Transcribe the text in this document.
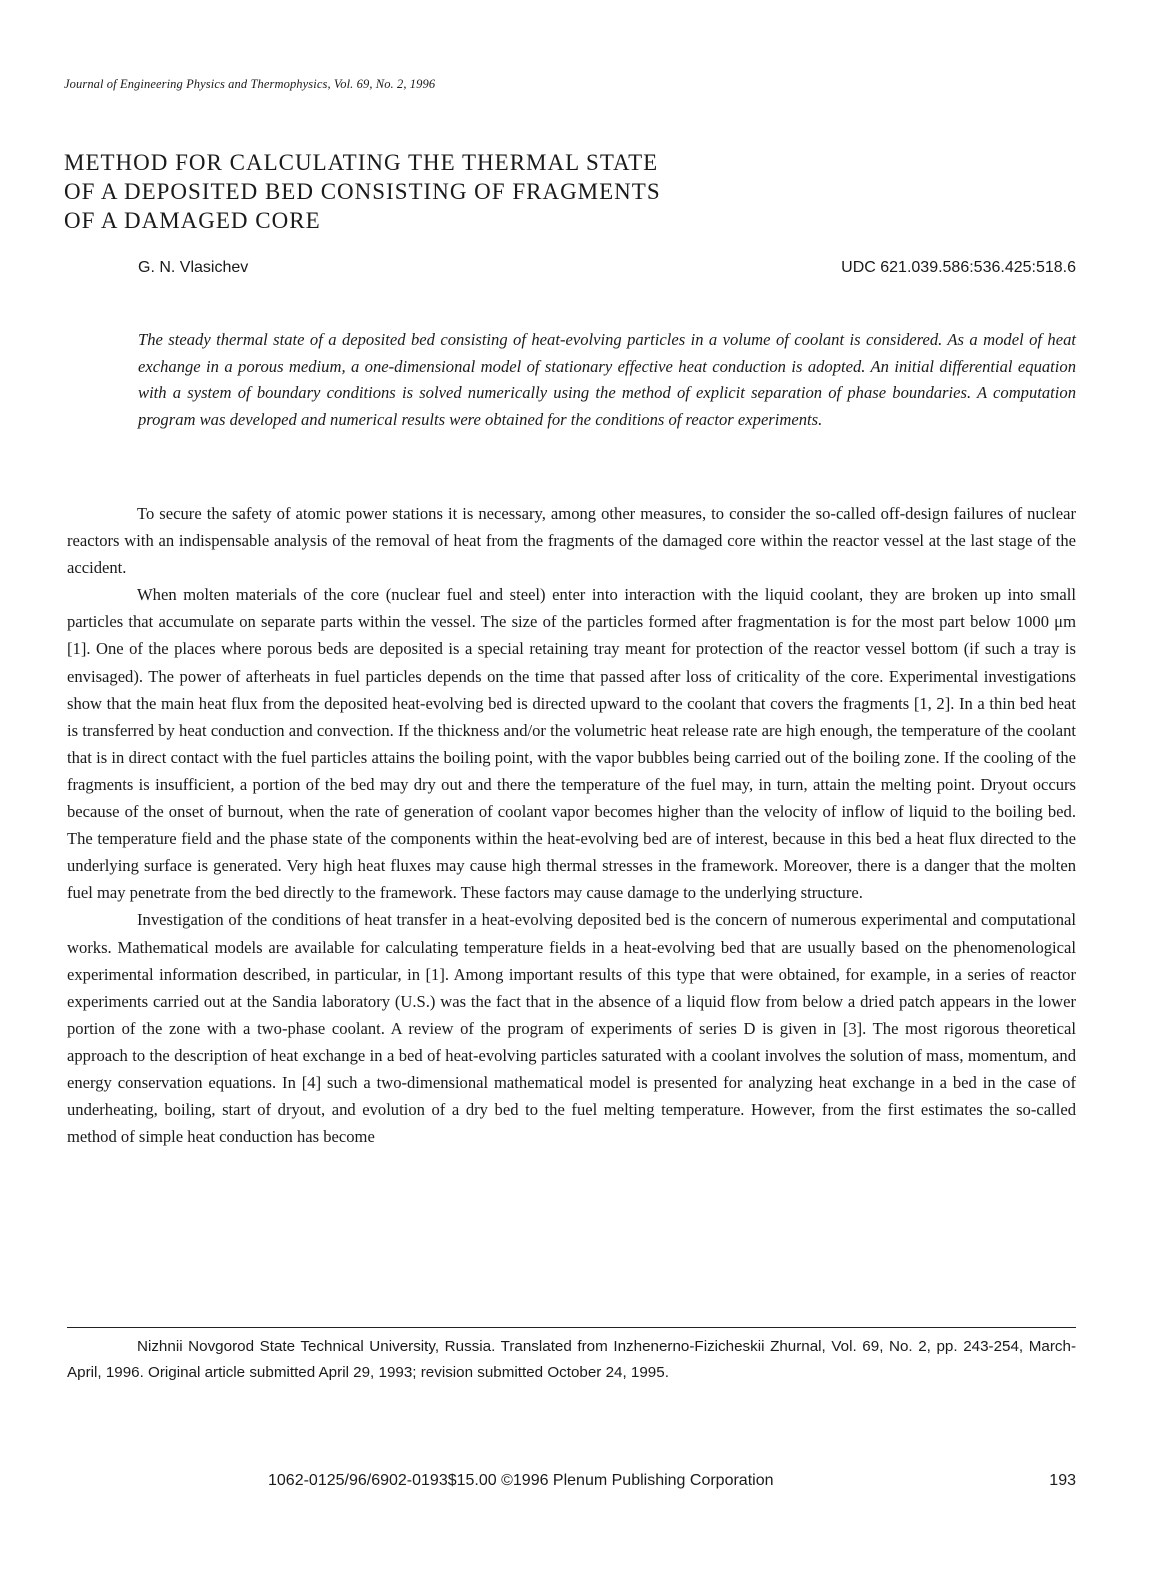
Journal of Engineering Physics and Thermophysics, Vol. 69, No. 2, 1996
METHOD FOR CALCULATING THE THERMAL STATE
OF A DEPOSITED BED CONSISTING OF FRAGMENTS
OF A DAMAGED CORE
G. N. Vlasichev	UDC 621.039.586:536.425:518.6
The steady thermal state of a deposited bed consisting of heat-evolving particles in a volume of coolant is considered. As a model of heat exchange in a porous medium, a one-dimensional model of stationary effective heat conduction is adopted. An initial differential equation with a system of boundary conditions is solved numerically using the method of explicit separation of phase boundaries. A computation program was developed and numerical results were obtained for the conditions of reactor experiments.

To secure the safety of atomic power stations it is necessary, among other measures, to consider the so-called off-design failures of nuclear reactors with an indispensable analysis of the removal of heat from the fragments of the damaged core within the reactor vessel at the last stage of the accident.

When molten materials of the core (nuclear fuel and steel) enter into interaction with the liquid coolant, they are broken up into small particles that accumulate on separate parts within the vessel. The size of the particles formed after fragmentation is for the most part below 1000 μm [1]. One of the places where porous beds are deposited is a special retaining tray meant for protection of the reactor vessel bottom (if such a tray is envisaged). The power of afterheats in fuel particles depends on the time that passed after loss of criticality of the core. Experimental investigations show that the main heat flux from the deposited heat-evolving bed is directed upward to the coolant that covers the fragments [1, 2]. In a thin bed heat is transferred by heat conduction and convection. If the thickness and/or the volumetric heat release rate are high enough, the temperature of the coolant that is in direct contact with the fuel particles attains the boiling point, with the vapor bubbles being carried out of the boiling zone. If the cooling of the fragments is insufficient, a portion of the bed may dry out and there the temperature of the fuel may, in turn, attain the melting point. Dryout occurs because of the onset of burnout, when the rate of generation of coolant vapor becomes higher than the velocity of inflow of liquid to the boiling bed. The temperature field and the phase state of the components within the heat-evolving bed are of interest, because in this bed a heat flux directed to the underlying surface is generated. Very high heat fluxes may cause high thermal stresses in the framework. Moreover, there is a danger that the molten fuel may penetrate from the bed directly to the framework. These factors may cause damage to the underlying structure.

Investigation of the conditions of heat transfer in a heat-evolving deposited bed is the concern of numerous experimental and computational works. Mathematical models are available for calculating temperature fields in a heat-evolving bed that are usually based on the phenomenological experimental information described, in particular, in [1]. Among important results of this type that were obtained, for example, in a series of reactor experiments carried out at the Sandia laboratory (U.S.) was the fact that in the absence of a liquid flow from below a dried patch appears in the lower portion of the zone with a two-phase coolant. A review of the program of experiments of series D is given in [3]. The most rigorous theoretical approach to the description of heat exchange in a bed of heat-evolving particles saturated with a coolant involves the solution of mass, momentum, and energy conservation equations. In [4] such a two-dimensional mathematical model is presented for analyzing heat exchange in a bed in the case of underheating, boiling, start of dryout, and evolution of a dry bed to the fuel melting temperature. However, from the first estimates the so-called method of simple heat conduction has become

Nizhnii Novgorod State Technical University, Russia. Translated from Inzhenerno-Fizicheskii Zhurnal, Vol. 69, No. 2, pp. 243-254, March-April, 1996. Original article submitted April 29, 1993; revision submitted October 24, 1995.
1062-0125/96/6902-0193$15.00 ©1996 Plenum Publishing Corporation	193
